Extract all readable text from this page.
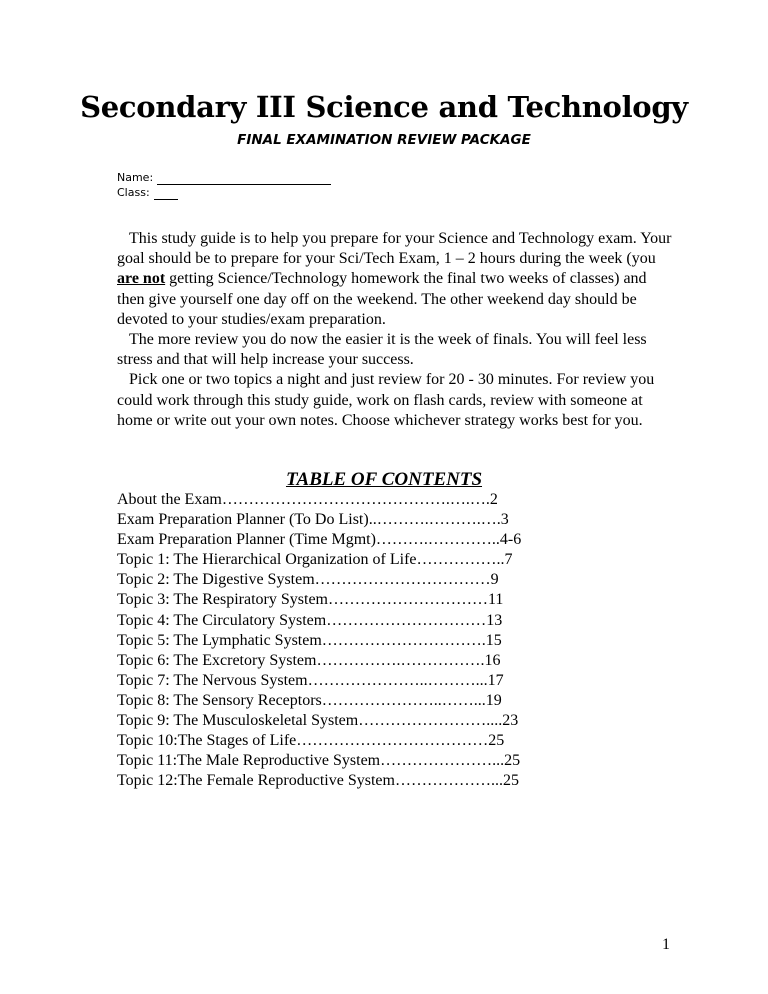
Secondary III Science and Technology
FINAL EXAMINATION REVIEW PACKAGE
Name:
Class:

This study guide is to help you prepare for your Science and Technology exam. Your goal should be to prepare for your Sci/Tech Exam, 1 – 2 hours during the week (you are not getting Science/Technology homework the final two weeks of classes) and then give yourself one day off on the weekend. The other weekend day should be devoted to your studies/exam preparation.

The more review you do now the easier it is the week of finals. You will feel less stress and that will help increase your success.

Pick one or two topics a night and just review for 20 - 30 minutes. For review you could work through this study guide, work on flash cards, review with someone at home or write out your own notes. Choose whichever strategy works best for you.

TABLE OF CONTENTS
About the Exam …………………………………….….…. 2
Exam Preparation Planner (To Do List) ..……….……….…. 3
Exam Preparation Planner (Time Mgmt) ……….………….. 4-6
Topic 1: The Hierarchical Organization of Life …………….. 7
Topic 2: The Digestive System …………………………… 9
Topic 3: The Respiratory System ………………………… 11
Topic 4: The Circulatory System ………………………… 13
Topic 5: The Lymphatic System …………………………. 15
Topic 6: The Excretory System …………….……………. 16
Topic 7: The Nervous System …………………..………... 17
Topic 8: The Sensory Receptors …………………..……... 19
Topic 9: The Musculoskeletal System …………………….... 23
Topic 10:The Stages of Life ……………………………… 25
Topic 11:The Male Reproductive System …………………... 25
Topic 12:The Female Reproductive System ………………... 25
1
